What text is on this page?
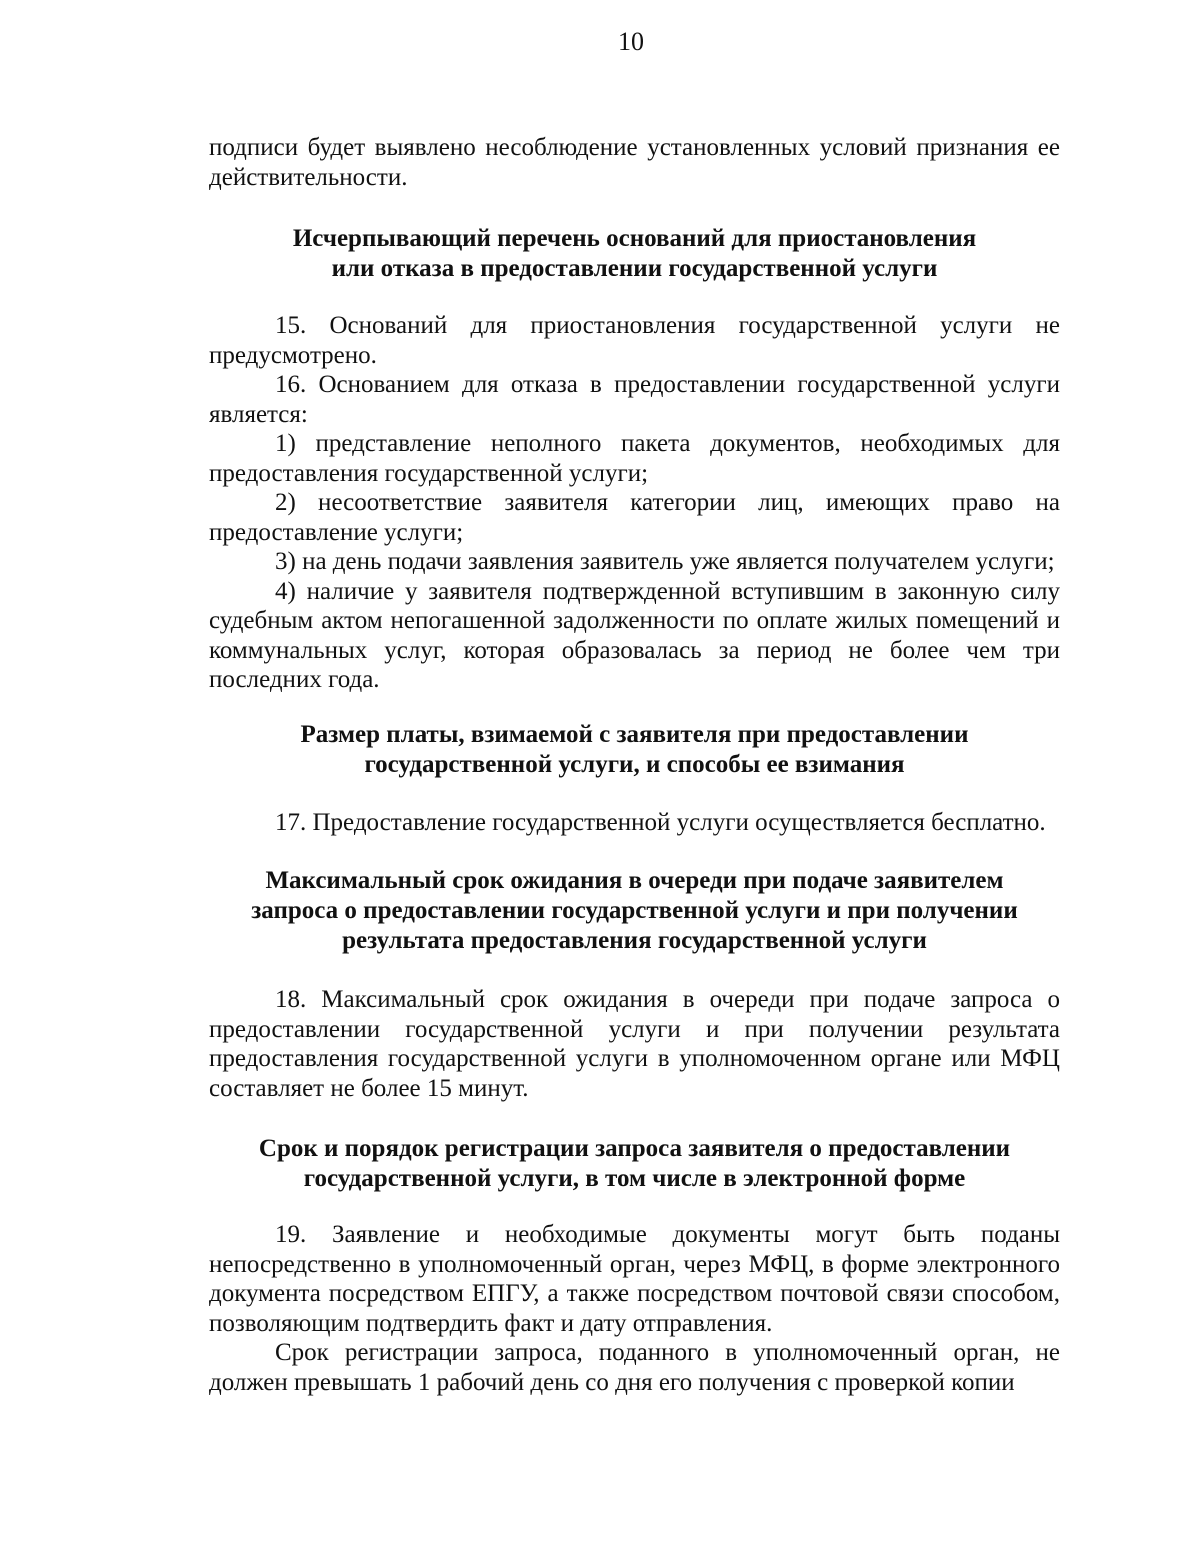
10

подписи будет выявлено несоблюдение установленных условий признания ее действительности.

Исчерпывающий перечень оснований для приостановления
или отказа в предоставлении государственной услуги

15. Оснований для приостановления государственной услуги не предусмотрено.

16. Основанием для отказа в предоставлении государственной услуги является:

1) представление неполного пакета документов, необходимых для предоставления государственной услуги;

2) несоответствие заявителя категории лиц, имеющих право на предоставление услуги;

3) на день подачи заявления заявитель уже является получателем услуги;

4) наличие у заявителя подтвержденной вступившим в законную силу судебным актом непогашенной задолженности по оплате жилых помещений и коммунальных услуг, которая образовалась за период не более чем три последних года.

Размер платы, взимаемой с заявителя при предоставлении
государственной услуги, и способы ее взимания

17. Предоставление государственной услуги осуществляется бесплатно.

Максимальный срок ожидания в очереди при подаче заявителем
запроса о предоставлении государственной услуги и при получении
результата предоставления государственной услуги

18. Максимальный срок ожидания в очереди при подаче запроса о предоставлении государственной услуги и при получении результата предоставления государственной услуги в уполномоченном органе или МФЦ составляет не более 15 минут.

Срок и порядок регистрации запроса заявителя о предоставлении
государственной услуги, в том числе в электронной форме

19. Заявление и необходимые документы могут быть поданы непосредственно в уполномоченный орган, через МФЦ, в форме электронного документа посредством ЕПГУ, а также посредством почтовой связи способом, позволяющим подтвердить факт и дату отправления.

Срок регистрации запроса, поданного в уполномоченный орган, не должен превышать 1 рабочий день со дня его получения с проверкой копии
